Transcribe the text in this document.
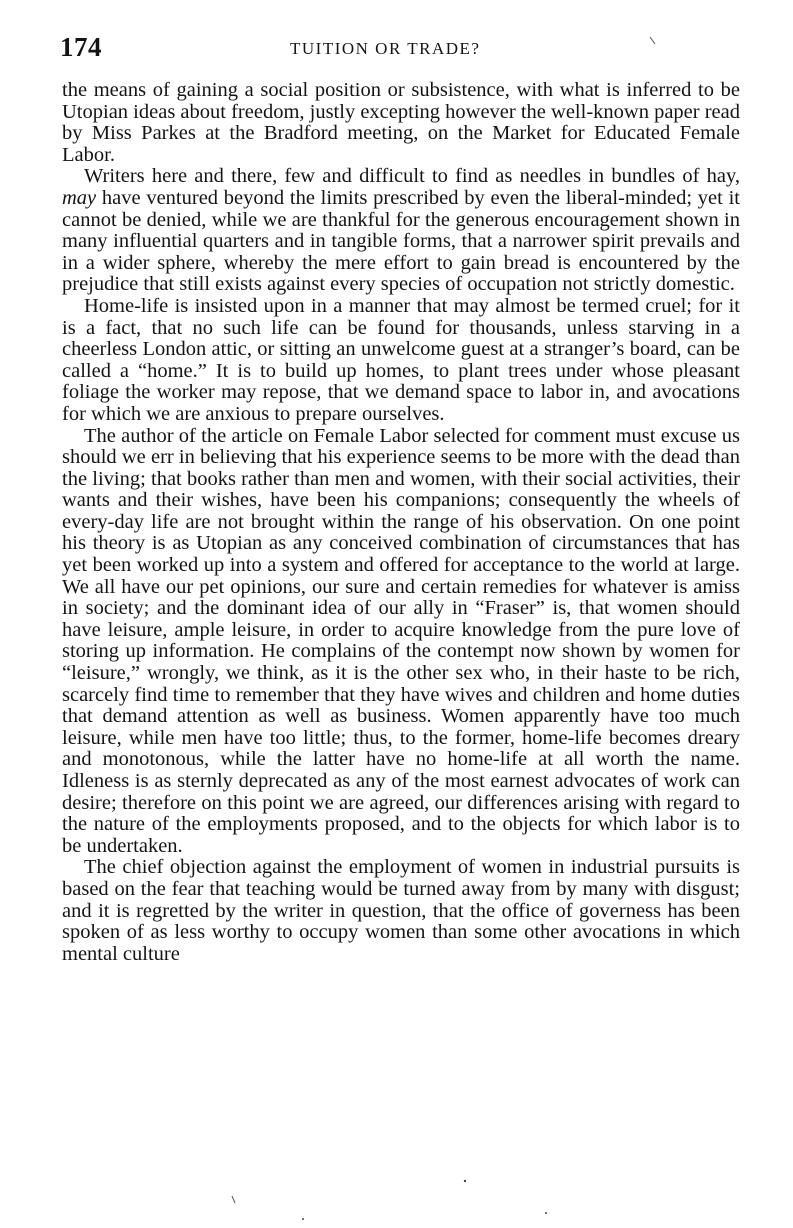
174	TUITION OR TRADE?

the means of gaining a social position or subsistence, with what is inferred to be Utopian ideas about freedom, justly excepting however the well-known paper read by Miss Parkes at the Bradford meeting, on the Market for Educated Female Labor.

Writers here and there, few and difficult to find as needles in bundles of hay, may have ventured beyond the limits prescribed by even the liberal-minded; yet it cannot be denied, while we are thankful for the generous encouragement shown in many influential quarters and in tangible forms, that a narrower spirit prevails and in a wider sphere, whereby the mere effort to gain bread is encountered by the prejudice that still exists against every species of occupation not strictly domestic.

Home-life is insisted upon in a manner that may almost be termed cruel; for it is a fact, that no such life can be found for thousands, unless starving in a cheerless London attic, or sitting an unwelcome guest at a stranger’s board, can be called a “home.” It is to build up homes, to plant trees under whose pleasant foliage the worker may repose, that we demand space to labor in, and avocations for which we are anxious to prepare ourselves.

The author of the article on Female Labor selected for comment must excuse us should we err in believing that his experience seems to be more with the dead than the living; that books rather than men and women, with their social activities, their wants and their wishes, have been his companions; consequently the wheels of every-day life are not brought within the range of his observation. On one point his theory is as Utopian as any conceived combination of circumstances that has yet been worked up into a system and offered for acceptance to the world at large. We all have our pet opinions, our sure and certain remedies for whatever is amiss in society; and the dominant idea of our ally in “Fraser” is, that women should have leisure, ample leisure, in order to acquire knowledge from the pure love of storing up information. He complains of the contempt now shown by women for “leisure,” wrongly, we think, as it is the other sex who, in their haste to be rich, scarcely find time to remember that they have wives and children and home duties that demand attention as well as business. Women apparently have too much leisure, while men have too little; thus, to the former, home-life becomes dreary and monotonous, while the latter have no home-life at all worth the name. Idleness is as sternly deprecated as any of the most earnest advocates of work can desire; therefore on this point we are agreed, our differences arising with regard to the nature of the employments proposed, and to the objects for which labor is to be undertaken.

The chief objection against the employment of women in industrial pursuits is based on the fear that teaching would be turned away from by many with disgust; and it is regretted by the writer in question, that the office of governess has been spoken of as less worthy to occupy women than some other avocations in which mental culture
